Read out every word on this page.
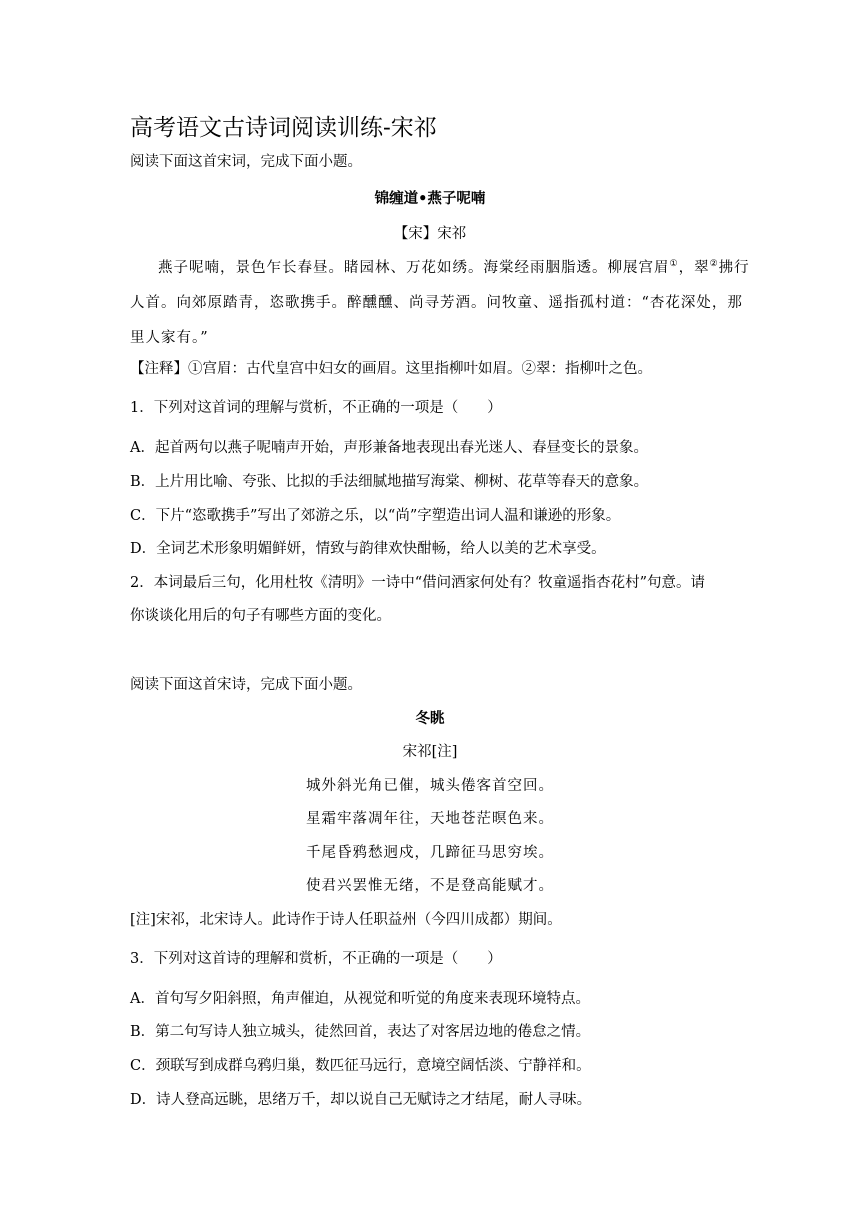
高考语文古诗词阅读训练-宋祁
阅读下面这首宋词，完成下面小题。
锦缠道•燕子呢喃
【宋】宋祁
燕子呢喃，景色乍长春昼。睹园林、万花如绣。海棠经雨胭脂透。柳展宫眉①，翠②拂行
人首。向郊原踏青，恣歌携手。醉醺醺、尚寻芳酒。问牧童、遥指孤村道：“杏花深处，那
里人家有。”
【注释】①宫眉：古代皇宫中妇女的画眉。这里指柳叶如眉。②翠：指柳叶之色。
1．下列对这首词的理解与赏析，不正确的一项是（　　）
A．起首两句以燕子呢喃声开始，声形兼备地表现出春光迷人、春昼变长的景象。
B．上片用比喻、夸张、比拟的手法细腻地描写海棠、柳树、花草等春天的意象。
C．下片“恣歌携手”写出了郊游之乐，以“尚”字塑造出词人温和谦逊的形象。
D．全词艺术形象明媚鲜妍，情致与韵律欢快酣畅，给人以美的艺术享受。
2．本词最后三句，化用杜牧《清明》一诗中“借问酒家何处有？牧童遥指杏花村”句意。请
你谈谈化用后的句子有哪些方面的变化。
阅读下面这首宋诗，完成下面小题。
冬眺
宋祁[注]
城外斜光角已催，城头倦客首空回。
星霜牢落凋年往，天地苍茫暝色来。
千尾昏鸦愁迥戍，几蹄征马思穷埃。
使君兴罢惟无绪，不是登高能赋才。
[注]宋祁，北宋诗人。此诗作于诗人任职益州（今四川成都）期间。
3．下列对这首诗的理解和赏析，不正确的一项是（　　）
A．首句写夕阳斜照，角声催迫，从视觉和听觉的角度来表现环境特点。
B．第二句写诗人独立城头，徒然回首，表达了对客居边地的倦怠之情。
C．颈联写到成群乌鸦归巢，数匹征马远行，意境空阔恬淡、宁静祥和。
D．诗人登高远眺，思绪万千，却以说自己无赋诗之才结尾，耐人寻味。
